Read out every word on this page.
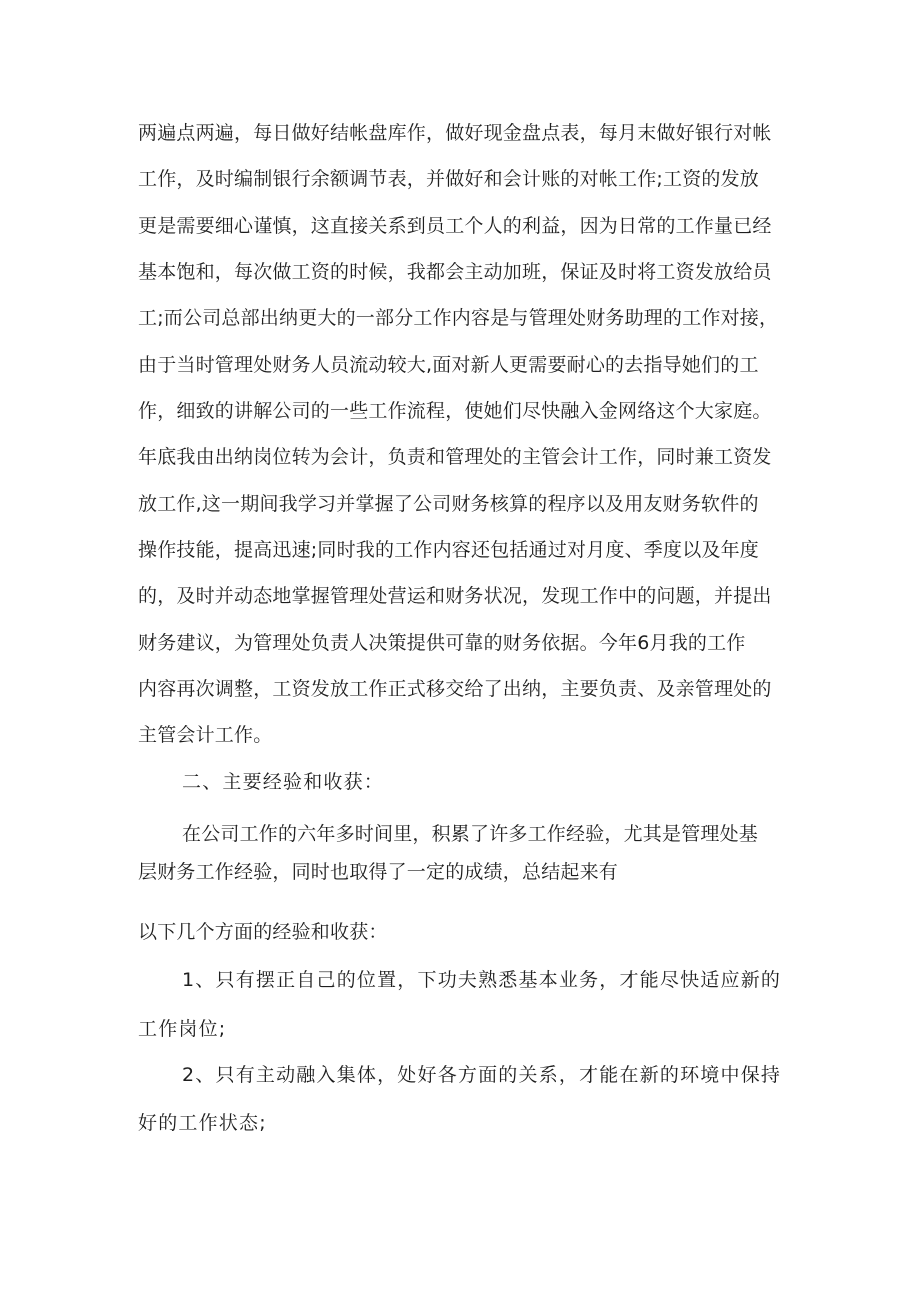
两遍点两遍，每日做好结帐盘库作，做好现金盘点表，每月末做好银行对帐

工作，及时编制银行余额调节表，并做好和会计账的对帐工作;工资的发放

更是需要细心谨慎，这直接关系到员工个人的利益，因为日常的工作量已经

基本饱和，每次做工资的时候，我都会主动加班，保证及时将工资发放给员

工;而公司总部出纳更大的一部分工作内容是与管理处财务助理的工作对接，

由于当时管理处财务人员流动较大,面对新人更需要耐心的去指导她们的工

作，细致的讲解公司的一些工作流程，使她们尽快融入金网络这个大家庭。

年底我由出纳岗位转为会计，负责和管理处的主管会计工作，同时兼工资发

放工作,这一期间我学习并掌握了公司财务核算的程序以及用友财务软件的

操作技能，提高迅速;同时我的工作内容还包括通过对月度、季度以及年度

的，及时并动态地掌握管理处营运和财务状况，发现工作中的问题，并提出

财务建议，为管理处负责人决策提供可靠的财务依据。今年6月我的工作

内容再次调整，工资发放工作正式移交给了出纳，主要负责、及亲管理处的

主管会计工作。

二、主要经验和收获：

在公司工作的六年多时间里，积累了许多工作经验，尤其是管理处基

层财务工作经验，同时也取得了一定的成绩，总结起来有

以下几个方面的经验和收获：

1、只有摆正自己的位置，下功夫熟悉基本业务，才能尽快适应新的

工作岗位;

2、只有主动融入集体，处好各方面的关系，才能在新的环境中保持

好的工作状态;
